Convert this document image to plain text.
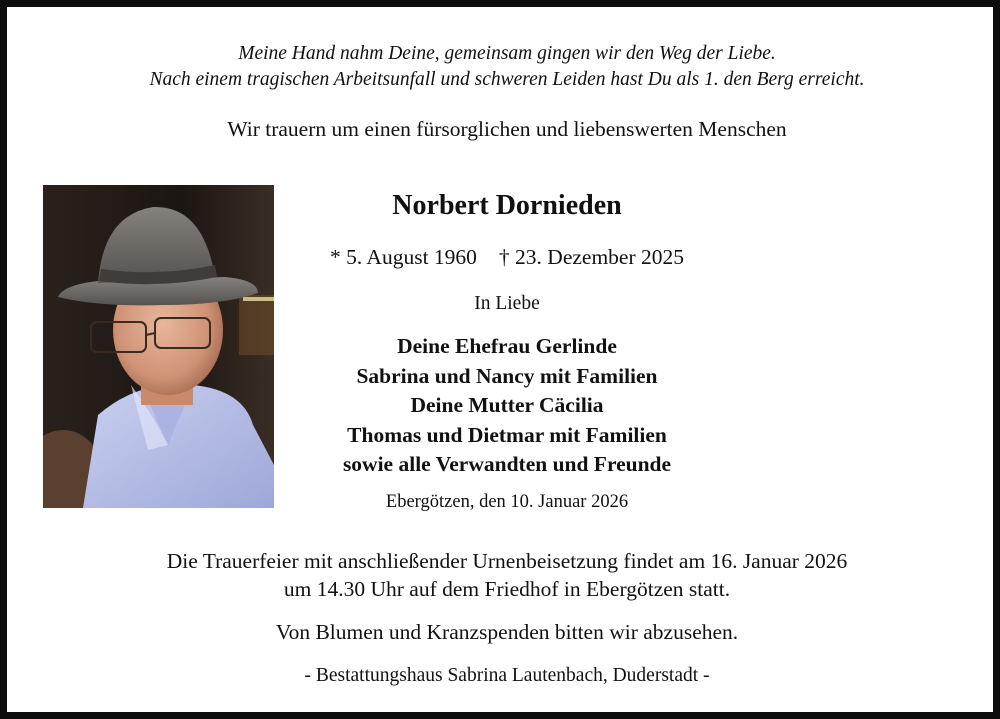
Meine Hand nahm Deine, gemeinsam gingen wir den Weg der Liebe.
Nach einem tragischen Arbeitsunfall und schweren Leiden hast Du als 1. den Berg erreicht.
Wir trauern um einen fürsorglichen und liebenswerten Menschen
Norbert Dornieden
* 5. August 1960 † 23. Dezember 2025
In Liebe
Deine Ehefrau Gerlinde
Sabrina und Nancy mit Familien
Deine Mutter Cäcilia
Thomas und Dietmar mit Familien
sowie alle Verwandten und Freunde
Ebergötzen, den 10. Januar 2026
Die Trauerfeier mit anschließender Urnenbeisetzung findet am 16. Januar 2026
um 14.30 Uhr auf dem Friedhof in Ebergötzen statt.
Von Blumen und Kranzspenden bitten wir abzusehen.
- Bestattungshaus Sabrina Lautenbach, Duderstadt -
